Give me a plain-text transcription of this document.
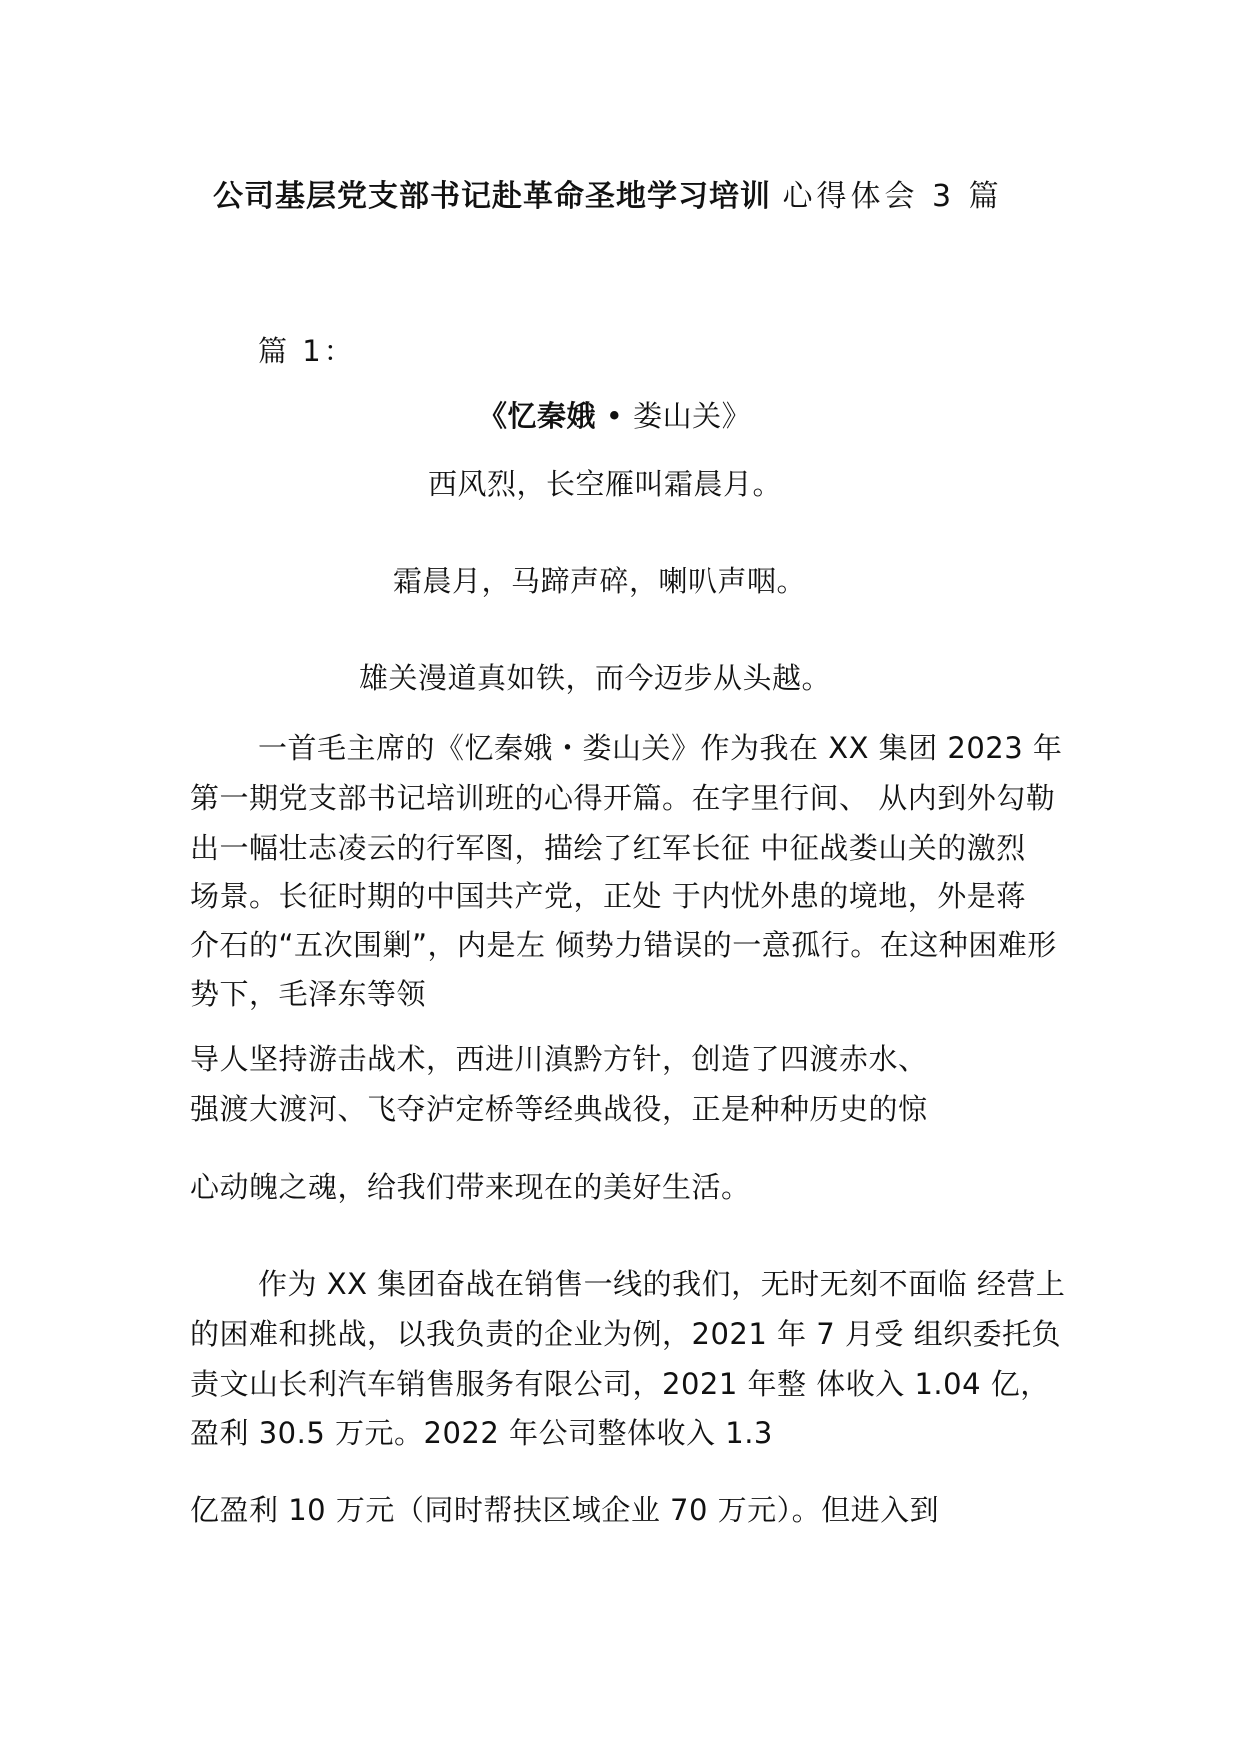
公司基层党支部书记赴革命圣地学习培训 心得体会 3 篇
篇 1：
《忆秦娥 • 娄山关》
西风烈，长空雁叫霜晨月。
霜晨月，马蹄声碎，喇叭声咽。
雄关漫道真如铁，而今迈步从头越。
一首毛主席的《忆秦娥・娄山关》作为我在 XX 集团 2023 年
第一期党支部书记培训班的心得开篇。在字里行间、 从内到外勾勒
出一幅壮志凌云的行军图，描绘了红军长征 中征战娄山关的激烈
场景。长征时期的中国共产党，正处 于内忧外患的境地，外是蒋
介石的“五次围剿”，内是左 倾势力错误的一意孤行。在这种困难形
势下，毛泽东等领
导人坚持游击战术，西进川滇黔方针，创造了四渡赤水、
强渡大渡河、飞夺泸定桥等经典战役，正是种种历史的惊
心动魄之魂，给我们带来现在的美好生活。
作为 XX 集团奋战在销售一线的我们，无时无刻不面临 经营上
的困难和挑战，以我负责的企业为例，2021 年 7 月受 组织委托负
责文山长利汽车销售服务有限公司，2021 年整 体收入 1.04 亿，
盈利 30.5 万元。2022 年公司整体收入 1.3
亿盈利 10 万元（同时帮扶区域企业 70 万元）。但进入到
